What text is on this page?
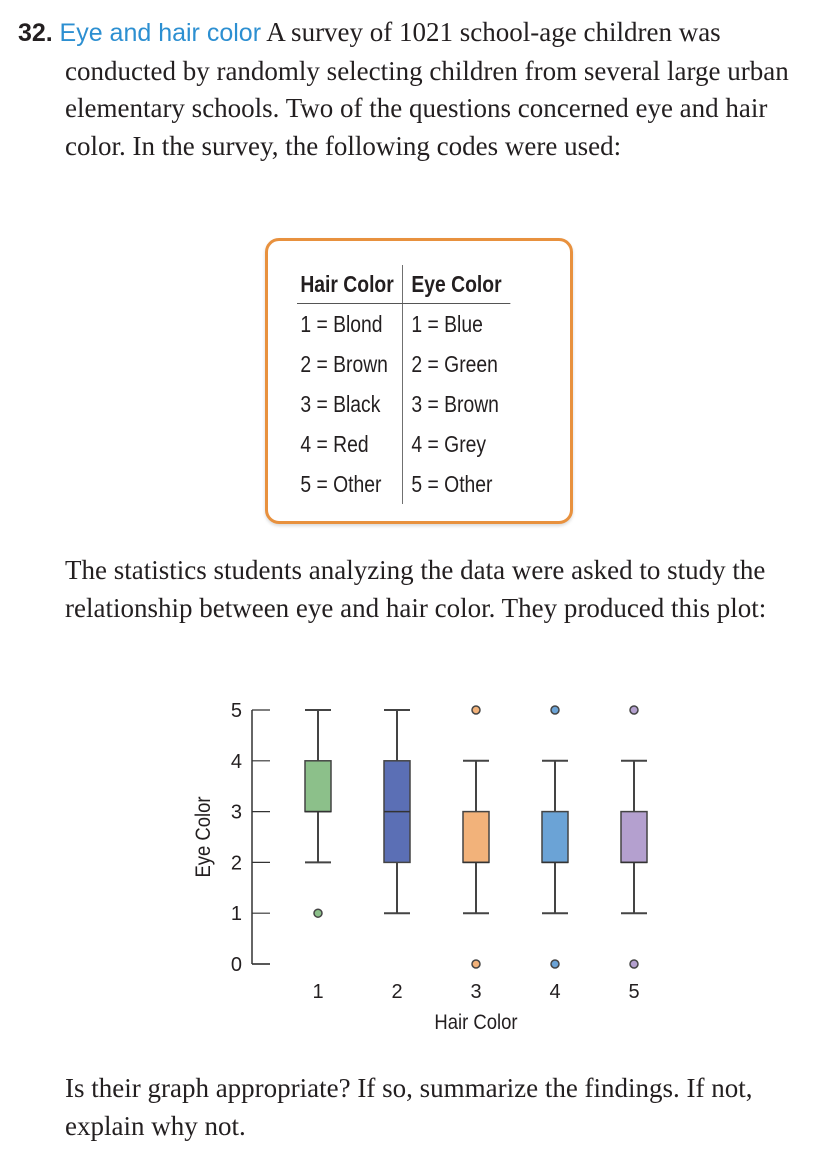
32. Eye and hair color A survey of 1021 school-age children was conducted by randomly selecting children from several large urban elementary schools. Two of the questions concerned eye and hair color. In the survey, the following codes were used:

Hair Color	Eye Color
1 = Blond	1 = Blue
2 = Brown	2 = Green
3 = Black	3 = Brown
4 = Red	4 = Grey
5 = Other	5 = Other

The statistics students analyzing the data were asked to study the relationship between eye and hair color. They produced this plot:

0
1
2
3
4
5
Eye Color
1	2	3	4	5
Hair Color

Is their graph appropriate? If so, summarize the findings. If not, explain why not.
